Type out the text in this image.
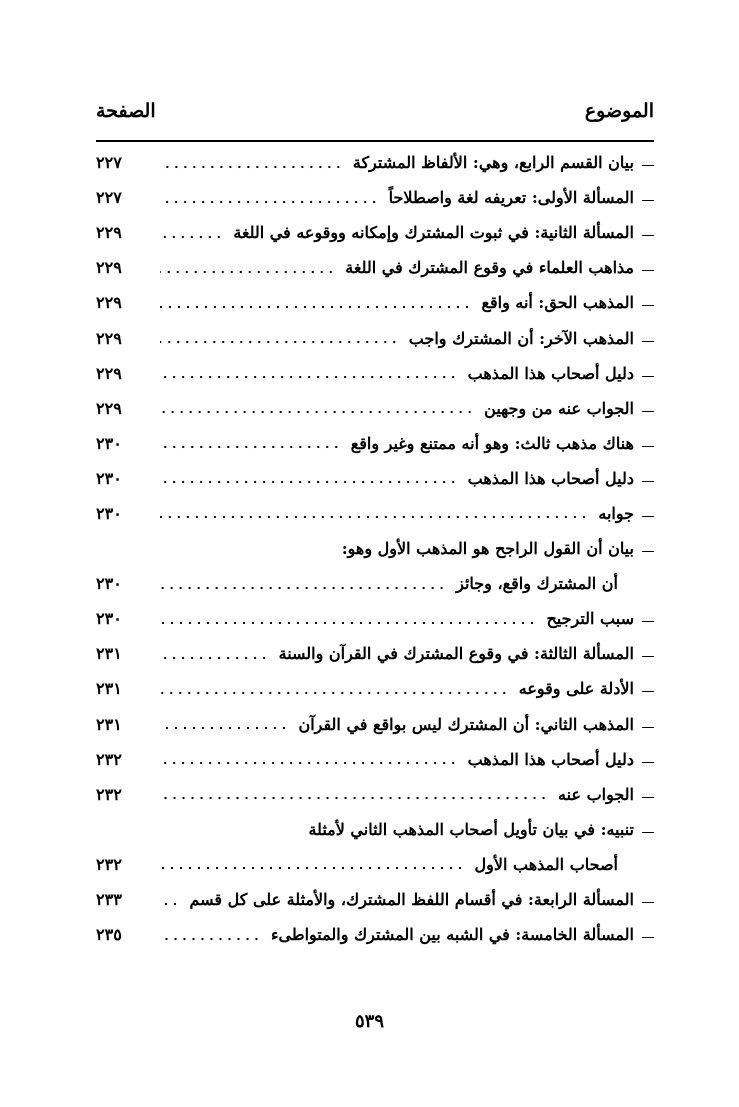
الموضوع
الصفحة
بيان القسم الرابع، وهي: الألفاظ المشتركة
٢٢٧
المسألة الأولى: تعريفه لغة واصطلاحاً
٢٢٧
المسألة الثانية: في ثبوت المشترك وإمكانه ووقوعه في اللغة
٢٢٩
مذاهب العلماء في وقوع المشترك في اللغة
٢٢٩
المذهب الحق: أنه واقع
٢٢٩
المذهب الآخر: أن المشترك واجب
٢٢٩
دليل أصحاب هذا المذهب
٢٢٩
الجواب عنه من وجهين
٢٢٩
هناك مذهب ثالث: وهو أنه ممتنع وغير واقع
٢٣٠
دليل أصحاب هذا المذهب
٢٣٠
جوابه
٢٣٠
بيان أن القول الراجح هو المذهب الأول وهو:
أن المشترك واقع، وجائز
٢٣٠
سبب الترجيح
٢٣٠
المسألة الثالثة: في وقوع المشترك في القرآن والسنة
٢٣١
الأدلة على وقوعه
٢٣١
المذهب الثاني: أن المشترك ليس بواقع في القرآن
٢٣١
دليل أصحاب هذا المذهب
٢٣٢
الجواب عنه
٢٣٢
تنبيه: في بيان تأويل أصحاب المذهب الثاني لأمثلة
أصحاب المذهب الأول
٢٣٢
المسألة الرابعة: في أقسام اللفظ المشترك، والأمثلة على كل قسم
٢٣٣
المسألة الخامسة: في الشبه بين المشترك والمتواطىء
٢٣٥
٥٣٩
